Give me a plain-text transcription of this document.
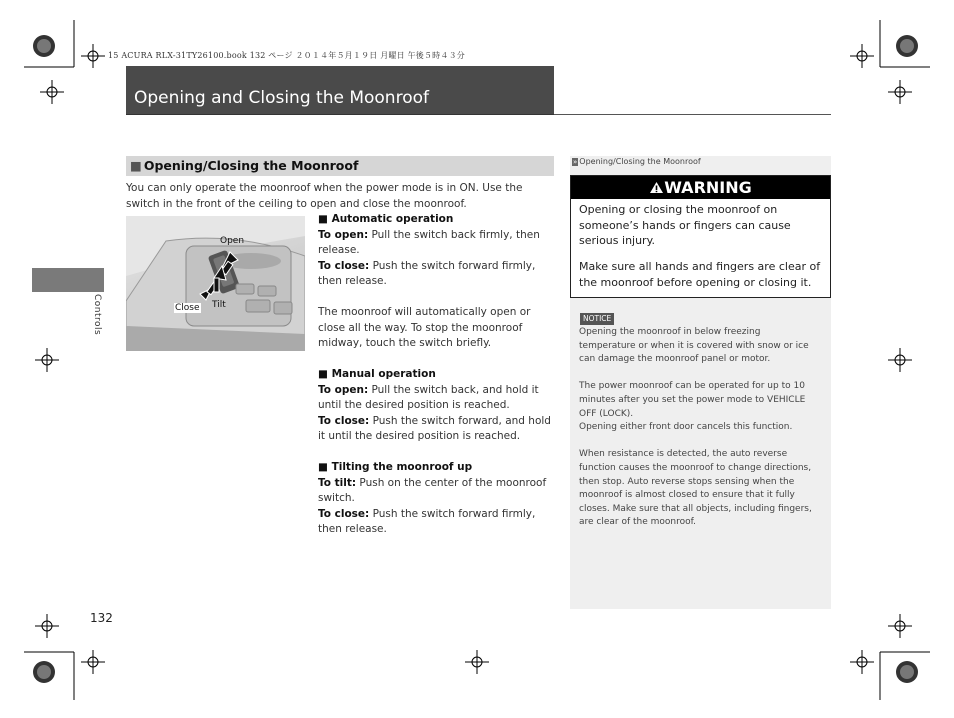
15 ACURA RLX-31TY26100.book 132 ページ ２０１４年５月１９日 月曜日 午後５時４３分
Opening and Closing the Moonroof
Controls
■ Opening/Closing the Moonroof
You can only operate the moonroof when the power mode is in ON. Use the switch in the front of the ceiling to open and close the moonroof.
Open
Tilt
Close

■ Automatic operation

To open: Pull the switch back firmly, then release.

To close: Push the switch forward firmly, then release.

The moonroof will automatically open or close all the way. To stop the moonroof midway, touch the switch briefly.

■ Manual operation

To open: Pull the switch back, and hold it until the desired position is reached.

To close: Push the switch forward, and hold it until the desired position is reached.

■ Tilting the moonroof up

To tilt: Push on the center of the moonroof switch.

To close: Push the switch forward firmly, then release.

» Opening/Closing the Moonroof
WARNING
Opening or closing the moonroof on someone’s hands or fingers can cause serious injury.
Make sure all hands and fingers are clear of the moonroof before opening or closing it.
NOTICE

Opening the moonroof in below freezing temperature or when it is covered with snow or ice can damage the moonroof panel or motor.

The power moonroof can be operated for up to 10 minutes after you set the power mode to VEHICLE OFF (LOCK).

Opening either front door cancels this function.

When resistance is detected, the auto reverse function causes the moonroof to change directions, then stop. Auto reverse stops sensing when the moonroof is almost closed to ensure that it fully closes. Make sure that all objects, including fingers, are clear of the moonroof.

132
